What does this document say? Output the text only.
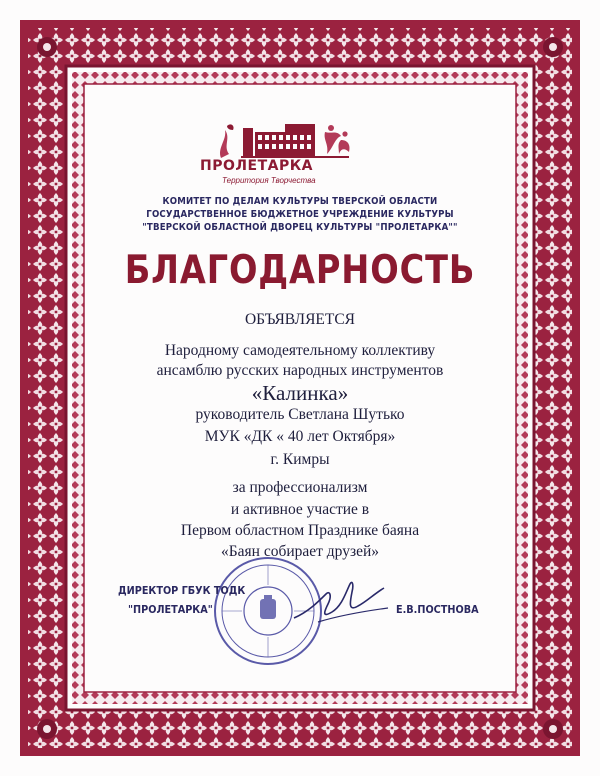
ПРОЛЕТАРКА
Территория Творчества
КОМИТЕТ ПО ДЕЛАМ КУЛЬТУРЫ ТВЕРСКОЙ ОБЛАСТИ
ГОСУДАРСТВЕННОЕ БЮДЖЕТНОЕ УЧРЕЖДЕНИЕ КУЛЬТУРЫ
"ТВЕРСКОЙ ОБЛАСТНОЙ ДВОРЕЦ КУЛЬТУРЫ "ПРОЛЕТАРКА""
БЛАГОДАРНОСТЬ
ОБЪЯВЛЯЕТСЯ
Народному самодеятельному коллективу
ансамблю русских народных инструментов
«Калинка»
руководитель Светлана Шутько
МУК «ДК « 40 лет Октября»
г. Кимры
за профессионализм
и активное участие в
Первом областном Празднике баяна
«Баян собирает друзей»
ДИРЕКТОР ГБУК ТОДК
"ПРОЛЕТАРКА"	Е.В.ПОСТНОВА
